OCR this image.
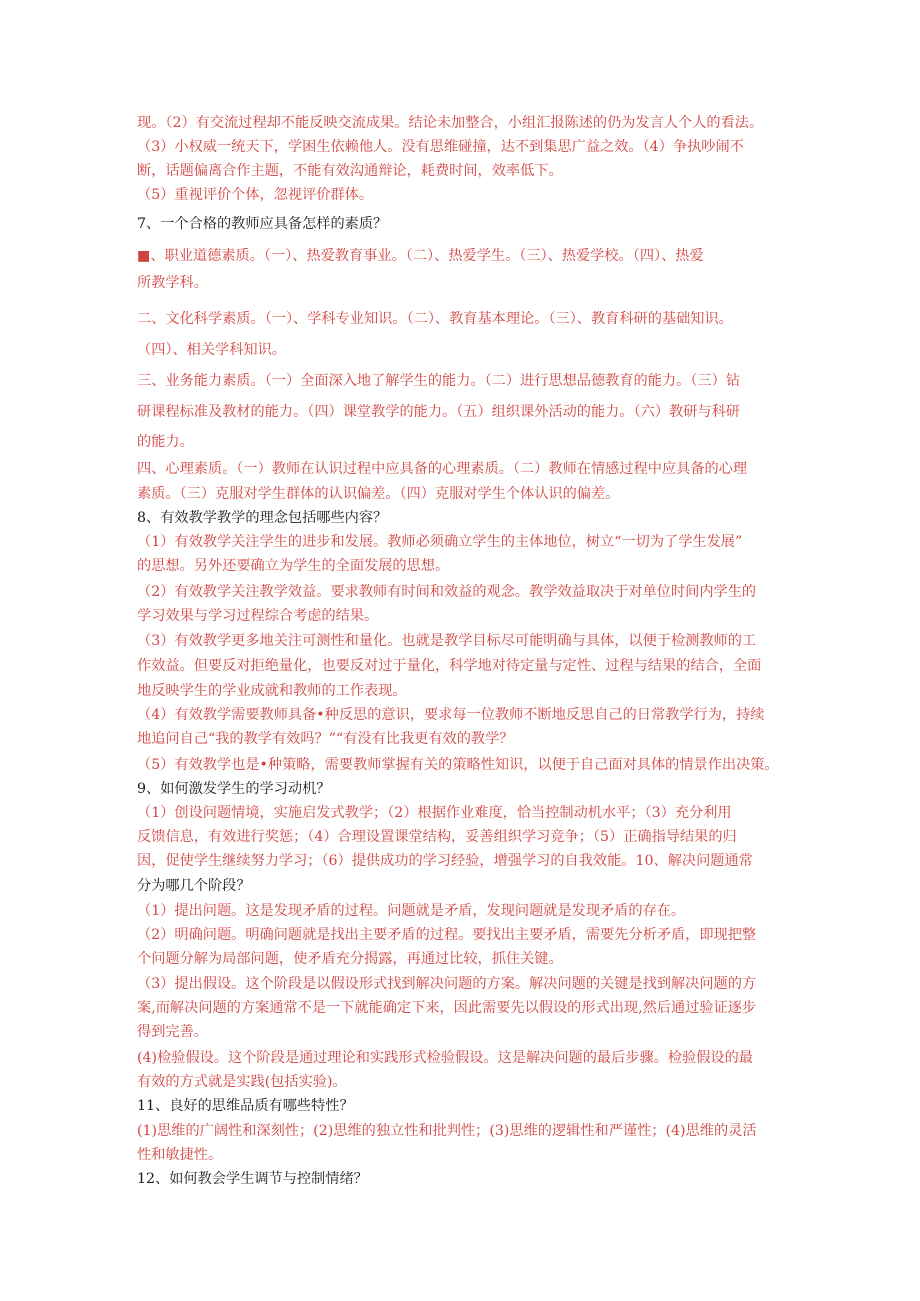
现。（2）有交流过程却不能反映交流成果。结论未加整合，小组汇报陈述的仍为发言人个人的看法。
（3）小权威一统天下，学困生依赖他人。没有思维碰撞，达不到集思广益之效。（4）争执吵闹不
断，话题偏离合作主题，不能有效沟通辩论，耗费时间，效率低下。
（5）重视评价个体，忽视评价群体。
7、一个合格的教师应具备怎样的素质？
■、职业道德素质。（一）、热爱教育事业。（二）、热爱学生。（三）、热爱学校。（四）、热爱
所教学科。
二、文化科学素质。（一）、学科专业知识。（二）、教育基本理论。（三）、教育科研的基础知识。
（四）、相关学科知识。
三、业务能力素质。（一）全面深入地了解学生的能力。（二）进行思想品德教育的能力。（三）钻
研课程标准及教材的能力。（四）课堂教学的能力。（五）组织课外活动的能力。（六）教研与科研
的能力。
四、心理素质。（一）教师在认识过程中应具备的心理素质。（二）教师在情感过程中应具备的心理
素质。（三）克服对学生群体的认识偏差。（四）克服对学生个体认识的偏差。
8、有效教学教学的理念包括哪些内容？
（1）有效教学关注学生的进步和发展。教师必须确立学生的主体地位，树立“一切为了学生发展”
的思想。另外还要确立为学生的全面发展的思想。
（2）有效教学关注教学效益。要求教师有时间和效益的观念。教学效益取决于对单位时间内学生的
学习效果与学习过程综合考虑的结果。
（3）有效教学更多地关注可测性和量化。也就是教学目标尽可能明确与具体，以便于检测教师的工
作效益。但要反对拒绝量化，也要反对过于量化，科学地对待定量与定性、过程与结果的结合，全面
地反映学生的学业成就和教师的工作表现。
（4）有效教学需要教师具备•种反思的意识，要求每一位教师不断地反思自己的日常教学行为，持续
地追问自己“我的教学有效吗？”“有没有比我更有效的教学？
（5）有效教学也是•种策略，需要教师掌握有关的策略性知识，以便于自己面对具体的情景作出决策。
9、如何激发学生的学习动机？
（1）创设问题情境，实施启发式教学；（2）根据作业难度，恰当控制动机水平；（3）充分利用
反馈信息，有效进行奖惩；（4）合理设置课堂结构，妥善组织学习竞争；（5）正确指导结果的归
因，促使学生继续努力学习；（6）提供成功的学习经验，增强学习的自我效能。10、解决问题通常
分为哪几个阶段？
（1）提出问题。这是发现矛盾的过程。问题就是矛盾，发现问题就是发现矛盾的存在。
（2）明确问题。明确问题就是找出主要矛盾的过程。要找出主要矛盾，需要先分析矛盾，即现把整
个问题分解为局部问题，使矛盾充分揭露，再通过比较，抓住关键。
（3）提出假设。这个阶段是以假设形式找到解决问题的方案。解决问题的关键是找到解决问题的方
案,而解决问题的方案通常不是一下就能确定下来，因此需要先以假设的形式出现,然后通过验证逐步
得到完善。
(4)检验假设。这个阶段是通过理论和实践形式检验假设。这是解决问题的最后步骤。检验假设的最
有效的方式就是实践(包括实验)。
11、良好的思维品质有哪些特性？
(1)思维的广阔性和深刻性；(2)思维的独立性和批判性；(3)思维的逻辑性和严谨性；(4)思维的灵活
性和敏捷性。
12、如何教会学生调节与控制情绪？
